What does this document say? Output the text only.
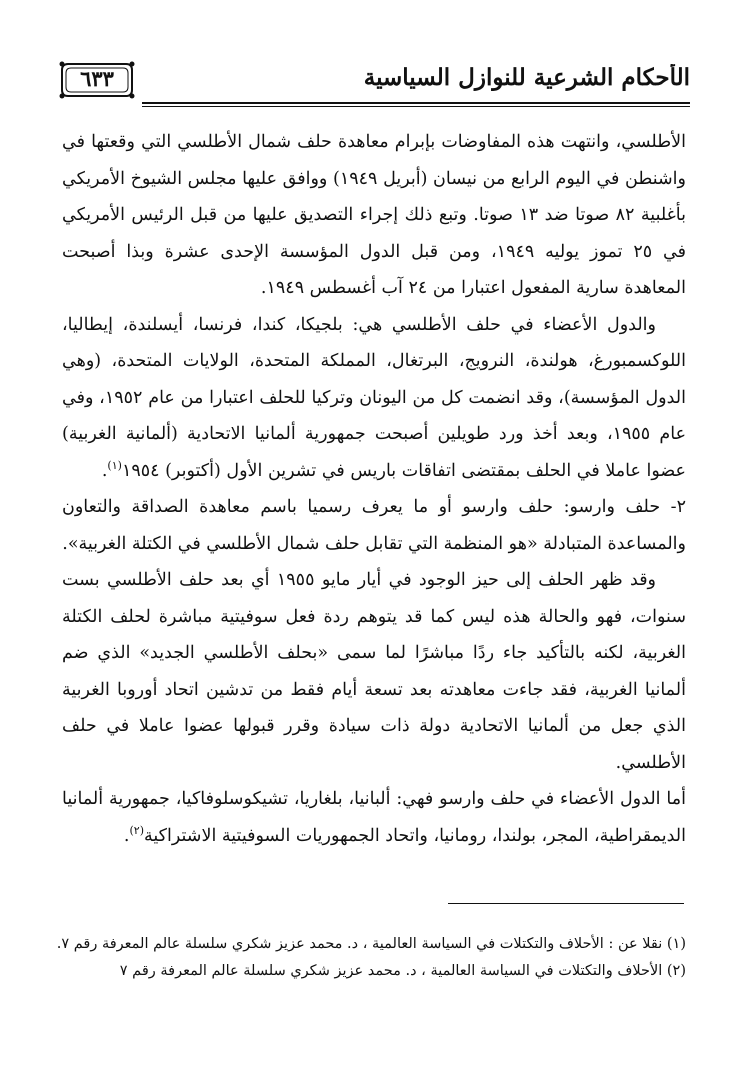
٦٣٣	الأحكام الشرعية للنوازل السياسية

الأطلسي، وانتهت هذه المفاوضات بإبرام معاهدة حلف شمال الأطلسي التي وقعتها في واشنطن في اليوم الرابع من نيسان (أبريل ١٩٤٩) ووافق عليها مجلس الشيوخ الأمريكي بأغلبية ٨٢ صوتا ضد ١٣ صوتا. وتبع ذلك إجراء التصديق عليها من قبل الرئيس الأمريكي في ٢٥ تموز يوليه ١٩٤٩، ومن قبل الدول المؤسسة الإحدى عشرة وبذا أصبحت المعاهدة سارية المفعول اعتبارا من ٢٤ آب أغسطس ١٩٤٩.

والدول الأعضاء في حلف الأطلسي هي: بلجيكا، كندا، فرنسا، أيسلندة، إيطاليا، اللوكسمبورغ، هولندة، النرويج، البرتغال، المملكة المتحدة، الولايات المتحدة، (وهي الدول المؤسسة)، وقد انضمت كل من اليونان وتركيا للحلف اعتبارا من عام ١٩٥٢، وفي عام ١٩٥٥، وبعد أخذ ورد طويلين أصبحت جمهورية ألمانيا الاتحادية (ألمانية الغربية) عضوا عاملا في الحلف بمقتضى اتفاقات باريس في تشرين الأول (أكتوبر) ١٩٥٤$^{(١)}$.

٢- حلف وارسو: حلف وارسو أو ما يعرف رسميا باسم معاهدة الصداقة والتعاون والمساعدة المتبادلة «هو المنظمة التي تقابل حلف شمال الأطلسي في الكتلة الغربية».

وقد ظهر الحلف إلى حيز الوجود في أيار مايو ١٩٥٥ أي بعد حلف الأطلسي بست سنوات، فهو والحالة هذه ليس كما قد يتوهم ردة فعل سوفيتية مباشرة لحلف الكتلة الغربية، لكنه بالتأكيد جاء ردًا مباشرًا لما سمى «بحلف الأطلسي الجديد» الذي ضم ألمانيا الغربية، فقد جاءت معاهدته بعد تسعة أيام فقط من تدشين اتحاد أوروبا الغربية الذي جعل من ألمانيا الاتحادية دولة ذات سيادة وقرر قبولها عضوا عاملا في حلف الأطلسي.

أما الدول الأعضاء في حلف وارسو فهي: ألبانيا، بلغاريا، تشيكوسلوفاكيا، جمهورية ألمانيا الديمقراطية، المجر، بولندا، رومانيا، واتحاد الجمهوريات السوفيتية الاشتراكية$^{(٢)}$.

(١) نقلا عن : الأحلاف والتكتلات في السياسة العالمية ، د. محمد عزيز شكري سلسلة عالم المعرفة رقم ٧.

(٢) الأحلاف والتكتلات في السياسة العالمية ، د. محمد عزيز شكري سلسلة عالم المعرفة رقم ٧
